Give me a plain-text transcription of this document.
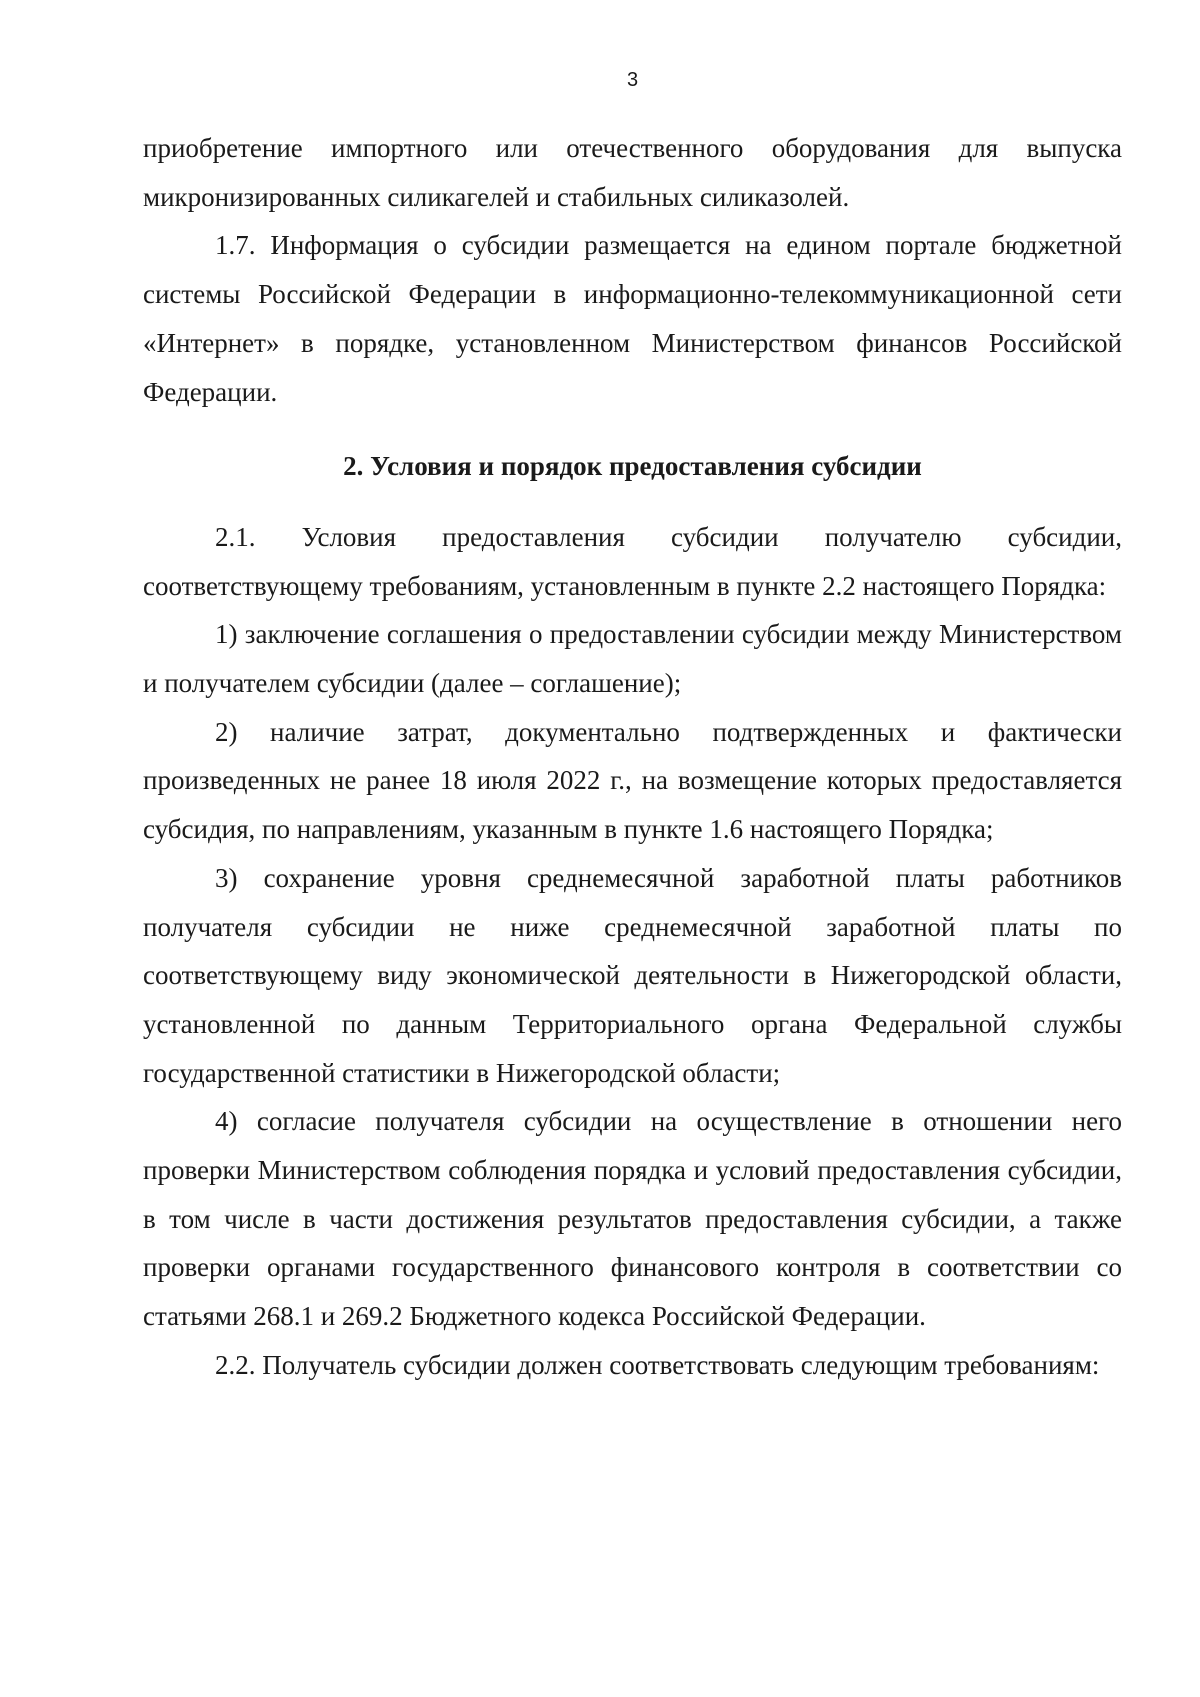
3

приобретение импортного или отечественного оборудования для выпуска микронизированных силикагелей и стабильных силиказолей.

1.7. Информация о субсидии размещается на едином портале бюджетной системы Российской Федерации в информационно-телекоммуникационной сети «Интернет» в порядке, установленном Министерством финансов Российской Федерации.

2. Условия и порядок предоставления субсидии

2.1. Условия предоставления субсидии получателю субсидии, соответствующему требованиям, установленным в пункте 2.2 настоящего Порядка:

1) заключение соглашения о предоставлении субсидии между Министерством и получателем субсидии (далее – соглашение);

2) наличие затрат, документально подтвержденных и фактически произведенных не ранее 18 июля 2022 г., на возмещение которых предоставляется субсидия, по направлениям, указанным в пункте 1.6 настоящего Порядка;

3) сохранение уровня среднемесячной заработной платы работников получателя субсидии не ниже среднемесячной заработной платы по соответствующему виду экономической деятельности в Нижегородской области, установленной по данным Территориального органа Федеральной службы государственной статистики в Нижегородской области;

4) согласие получателя субсидии на осуществление в отношении него проверки Министерством соблюдения порядка и условий предоставления субсидии, в том числе в части достижения результатов предоставления субсидии, а также проверки органами государственного финансового контроля в соответствии со статьями 268.1 и 269.2 Бюджетного кодекса Российской Федерации.

2.2. Получатель субсидии должен соответствовать следующим требованиям:
